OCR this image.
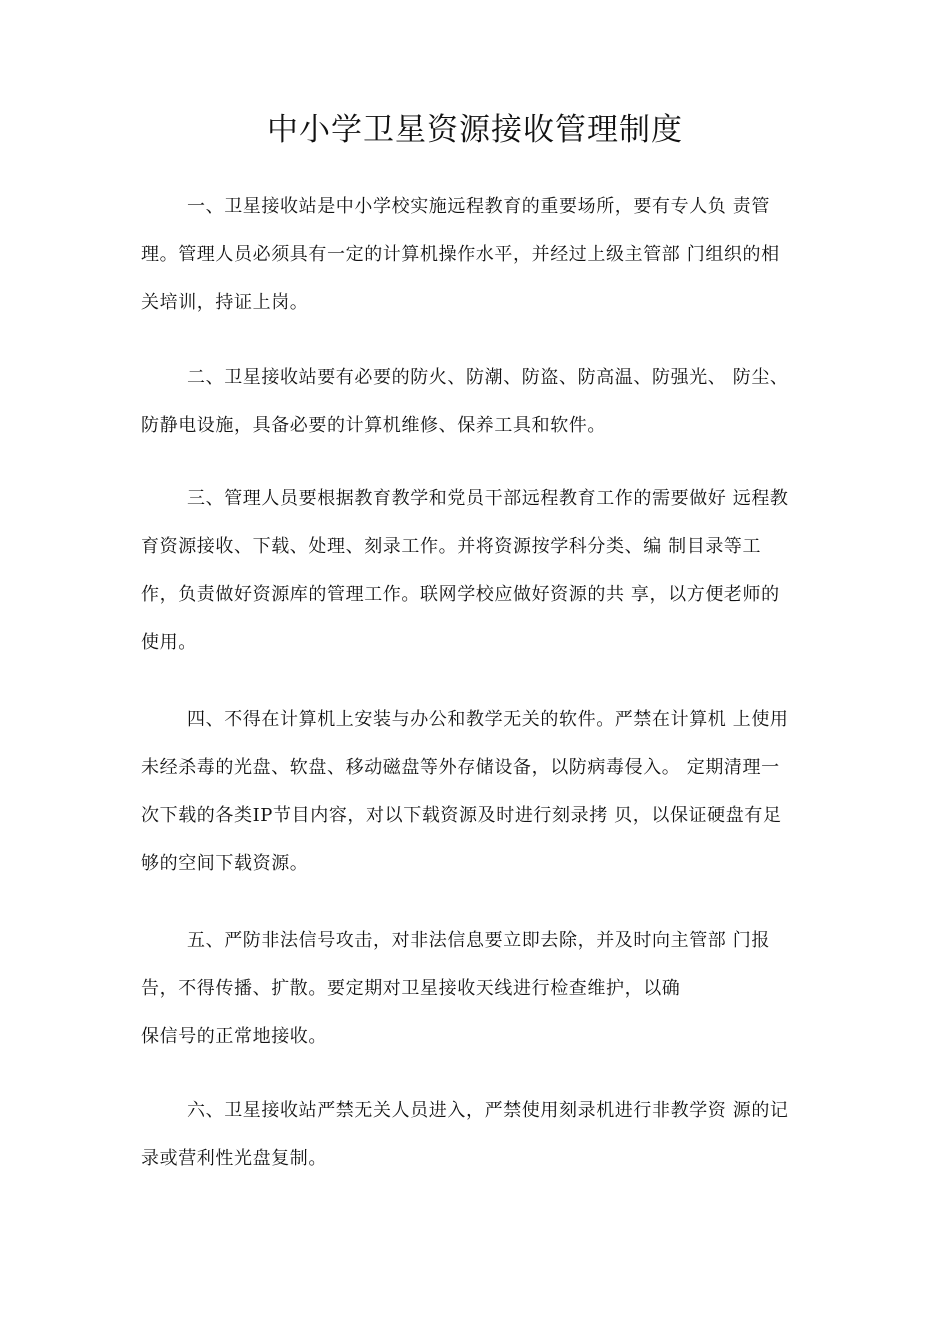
中小学卫星资源接收管理制度
一、卫星接收站是中小学校实施远程教育的重要场所，要有专人负 责管
理。管理人员必须具有一定的计算机操作水平，并经过上级主管部 门组织的相
关培训，持证上岗。
二、卫星接收站要有必要的防火、防潮、防盗、防高温、防强光、 防尘、
防静电设施，具备必要的计算机维修、保养工具和软件。
三、管理人员要根据教育教学和党员干部远程教育工作的需要做好 远程教
育资源接收、下载、处理、刻录工作。并将资源按学科分类、编 制目录等工
作，负责做好资源库的管理工作。联网学校应做好资源的共 享，以方便老师的
使用。
四、不得在计算机上安装与办公和教学无关的软件。严禁在计算机 上使用
未经杀毒的光盘、软盘、移动磁盘等外存储设备，以防病毒侵入。 定期清理一
次下载的各类IP节目内容，对以下载资源及时进行刻录拷 贝，以保证硬盘有足
够的空间下载资源。
五、严防非法信号攻击，对非法信息要立即去除，并及时向主管部 门报
告，不得传播、扩散。要定期对卫星接收天线进行检查维护，以确
保信号的正常地接收。
六、卫星接收站严禁无关人员进入，严禁使用刻录机进行非教学资 源的记
录或营利性光盘复制。
